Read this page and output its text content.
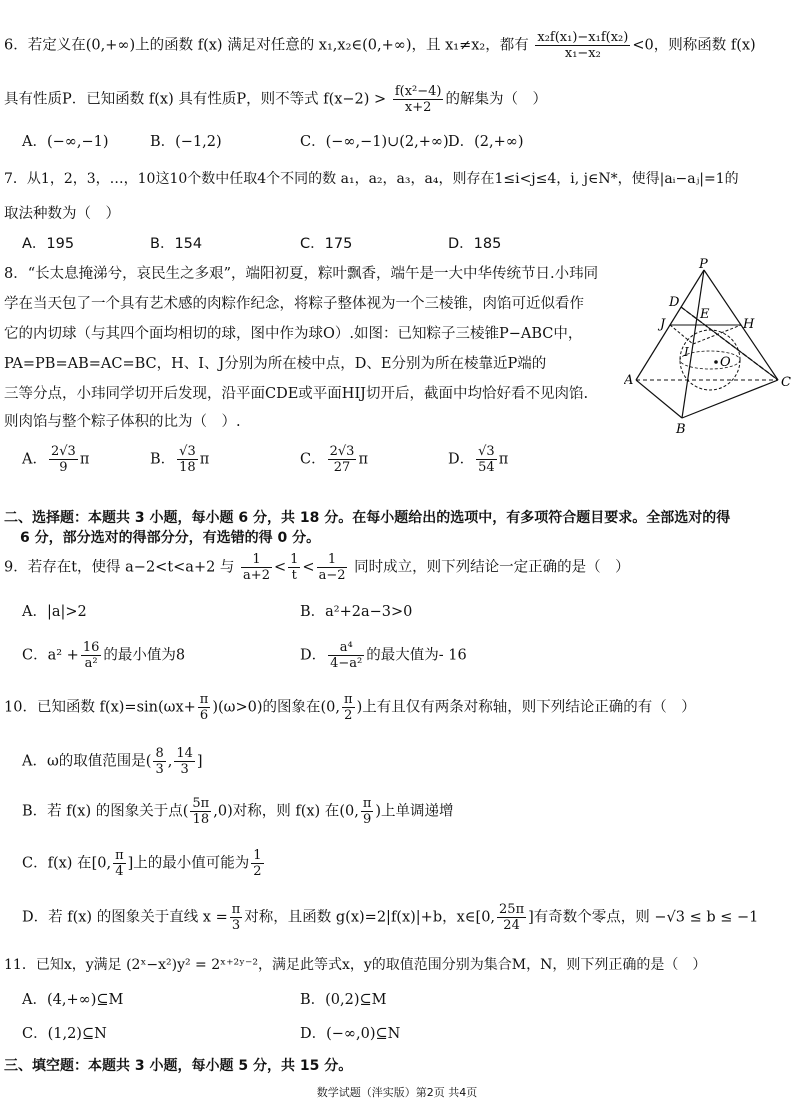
6．若定义在(0,+∞)上的函数 f(x) 满足对任意的 x₁,x₂∈(0,+∞)，且 x₁≠x₂，都有 $\frac{\text{x₂f(x₁)−x₁f(x₂)}}{\text{x₁−x₂}} <0$，则称函数 f(x)
具有性质P．已知函数 f(x) 具有性质P，则不等式 $f(x-2) > \frac{\text{f(x²−4)}}{x+2}$ 的解集为（　）
A．(−∞,−1)	B．(−1,2)	C．(−∞,−1)∪(2,+∞) D．(2,+∞)
7．从1，2，3，…，10这10个数中任取4个不同的数 a₁，a₂，a₃，a₄，则存在1≤i<j≤4，i, j∈N*，使得|aᵢ−aⱼ|=1的
取法种数为（　）
A．195	B．154	C．175	D．185
8．“长太息掩涕兮，哀民生之多艰”，端阳初夏，粽叶飘香，端午是一大中华传统节日.小玮同
学在当天包了一个具有艺术感的肉粽作纪念，将粽子整体视为一个三棱锥，肉馅可近似看作
它的内切球（与其四个面均相切的球，图中作为球O）.如图：已知粽子三棱锥P−ABC中，
PA=PB=AB=AC=BC，H、I、J分别为所在棱中点，D、E分别为所在棱靠近P端的
三等分点，小玮同学切开后发现，沿平面CDE或平面HIJ切开后，截面中均恰好看不见肉馅.
则肉馅与整个粽子体积的比为（　）.
A． $\frac{2√3}{9}$ π	B． $\frac{√3}{18}$ π	C． $\frac{2√3}{27}$ π	D． $\frac{√3}{54}$ π
P
D
E
J	H
I
O
A
B
C
二、选择题：本题共 3 小题，每小题 6 分，共 18 分。在每小题给出的选项中，有多项符合题目要求。全部选对的得
6 分，部分选对的得部分分，有选错的得 0 分。
9．若存在t，使得 a−2<t<a+2 与 $\frac{1}{a+2} < \frac{1}{t} < \frac{1}{a-2}$ 同时成立，则下列结论一定正确的是（　）
A．|a|>2	B．a²+2a−3>0
C．$a^2 + \frac{16}{\text{a²}}$ 的最小值为8	D． $\frac{\text{a⁴}}{\text{4−a²}}$ 的最大值为- 16
10．已知函数 $f(x)=\sin(\omega x+ \frac{\pi}{6} )(\omega>0)$的图象在(0, $\frac{\pi}{2}$ )上有且仅有两条对称轴，则下列结论正确的有（　）
A．ω的取值范围是( $\frac{8}{3}$ , $\frac{14}{3}$ ]
B．若 f(x) 的图象关于点( $\frac{5\pi}{18} ,0$)对称，则 f(x) 在(0, $\frac{\pi}{9}$ )上单调递增
C．f(x) 在[0, $\frac{\pi}{4}$ ]上的最小值可能为 $\frac{1}{2}$
D．若 f(x) 的图象关于直线 $x = \frac{\pi}{3}$ 对称，且函数 g(x)=2|f(x)|+b，x∈[0, $\frac{25\pi}{24}$ ]有奇数个零点，则 −√3 ≤ b ≤ −1
11．已知x，y满足 (2ˣ−x²)y² = 2ˣ⁺²ʸ⁻²，满足此等式x，y的取值范围分别为集合M，N，则下列正确的是（　）
A．(4,+∞)⊆M	B．(0,2)⊆M
C．(1,2)⊆N	D．(−∞,0)⊆N
三、填空题：本题共 3 小题，每小题 5 分，共 15 分。
数学试题（泮实版）第2页 共4页
